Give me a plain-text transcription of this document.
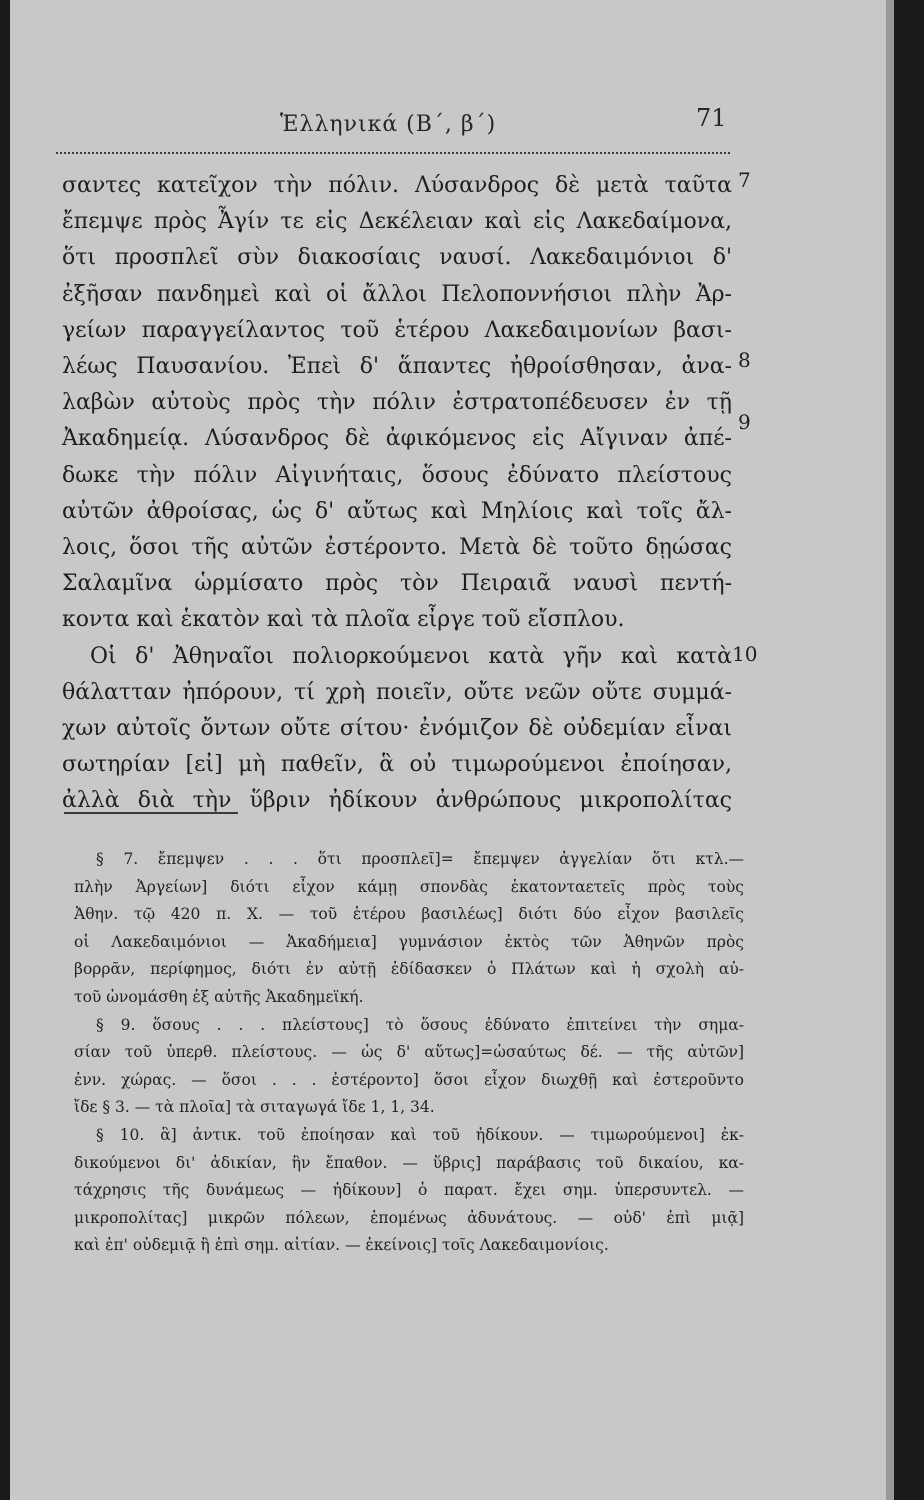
Ἑλληνικά (Β΄, β΄)	71
σαντες κατεῖχον τὴν πόλιν. Λύσανδρος δὲ μετὰ ταῦτα
ἔπεμψε πρὸς Ἆγίν τε εἰς Δεκέλειαν καὶ εἰς Λακεδαίμονα,
ὅτι προσπλεῖ σὺν διακοσίαις ναυσί. Λακεδαιμόνιοι δ'
ἐξῆσαν πανδημεὶ καὶ οἱ ἄλλοι Πελοποννήσιοι πλὴν Ἀρ-
γείων παραγγείλαντος τοῦ ἑτέρου Λακεδαιμονίων βασι-
λέως Παυσανίου. Ἐπεὶ δ' ἅπαντες ἠθροίσθησαν, ἀνα-
λαβὼν αὐτοὺς πρὸς τὴν πόλιν ἐστρατοπέδευσεν ἐν τῇ
Ἀκαδημείᾳ. Λύσανδρος δὲ ἀφικόμενος εἰς Αἴγιναν ἀπέ-
δωκε τὴν πόλιν Αἰγινήταις, ὅσους ἐδύνατο πλείστους
αὐτῶν ἀθροίσας, ὡς δ' αὔτως καὶ Μηλίοις καὶ τοῖς ἄλ-
λοις, ὅσοι τῆς αὐτῶν ἐστέροντο. Μετὰ δὲ τοῦτο δῃώσας
Σαλαμῖνα ὡρμίσατο πρὸς τὸν Πειραιᾶ ναυσὶ πεντή-
κοντα καὶ ἑκατὸν καὶ τὰ πλοῖα εἶργε τοῦ εἴσπλου.
Οἱ δ' Ἀθηναῖοι πολιορκούμενοι κατὰ γῆν καὶ κατὰ
θάλατταν ἠπόρουν, τί χρὴ ποιεῖν, οὔτε νεῶν οὔτε συμμά-
χων αὐτοῖς ὄντων οὔτε σίτου· ἐνόμιζον δὲ οὐδεμίαν εἶναι
σωτηρίαν [εἰ] μὴ παθεῖν, ἃ οὐ τιμωρούμενοι ἐποίησαν,
ἀλλὰ διὰ τὴν ὕβριν ἠδίκουν ἀνθρώπους μικροπολίτας
7
8
9
10
§ 7. ἔπεμψεν . . . ὅτι προσπλεῖ]= ἔπεμψεν ἀγγελίαν ὅτι κτλ.—
πλὴν Ἀργείων] διότι εἶχον κάμῃ σπονδὰς ἑκατονταετεῖς πρὸς τοὺς
Ἀθην. τῷ 420 π. Χ. — τοῦ ἑτέρου βασιλέως] διότι δύο εἶχον βασιλεῖς
οἱ Λακεδαιμόνιοι — Ἀκαδήμεια] γυμνάσιον ἐκτὸς τῶν Ἀθηνῶν πρὸς
βορρᾶν, περίφημος, διότι ἐν αὐτῇ ἐδίδασκεν ὁ Πλάτων καὶ ἡ σχολὴ αὐ-
τοῦ ὠνομάσθη ἐξ αὐτῆς Ἀκαδημεϊκή.
§ 9. ὅσους . . . πλείστους] τὸ ὅσους ἐδύνατο ἐπιτείνει τὴν σημα-
σίαν τοῦ ὑπερθ. πλείστους. — ὡς δ' αὔτως]=ὡσαύτως δέ. — τῆς αὐτῶν]
ἐνν. χώρας. — ὅσοι . . . ἐστέροντο] ὅσοι εἶχον διωχθῇ καὶ ἐστεροῦντο
ἴδε § 3. — τὰ πλοῖα] τὰ σιταγωγά ἴδε 1, 1, 34.
§ 10. ἃ] ἀντικ. τοῦ ἐποίησαν καὶ τοῦ ἠδίκουν. — τιμωρούμενοι] ἐκ-
δικούμενοι δι' ἀδικίαν, ἣν ἔπαθον. — ὕβρις] παράβασις τοῦ δικαίου, κα-
τάχρησις τῆς δυνάμεως — ἠδίκουν] ὁ παρατ. ἔχει σημ. ὑπερσυντελ. —
μικροπολίτας] μικρῶν πόλεων, ἑπομένως ἀδυνάτους. — οὐδ' ἐπὶ μιᾷ]
καὶ ἐπ' οὐδεμιᾷ ἢ ἐπὶ σημ. αἰτίαν. — ἐκείνοις] τοῖς Λακεδαιμονίοις.
